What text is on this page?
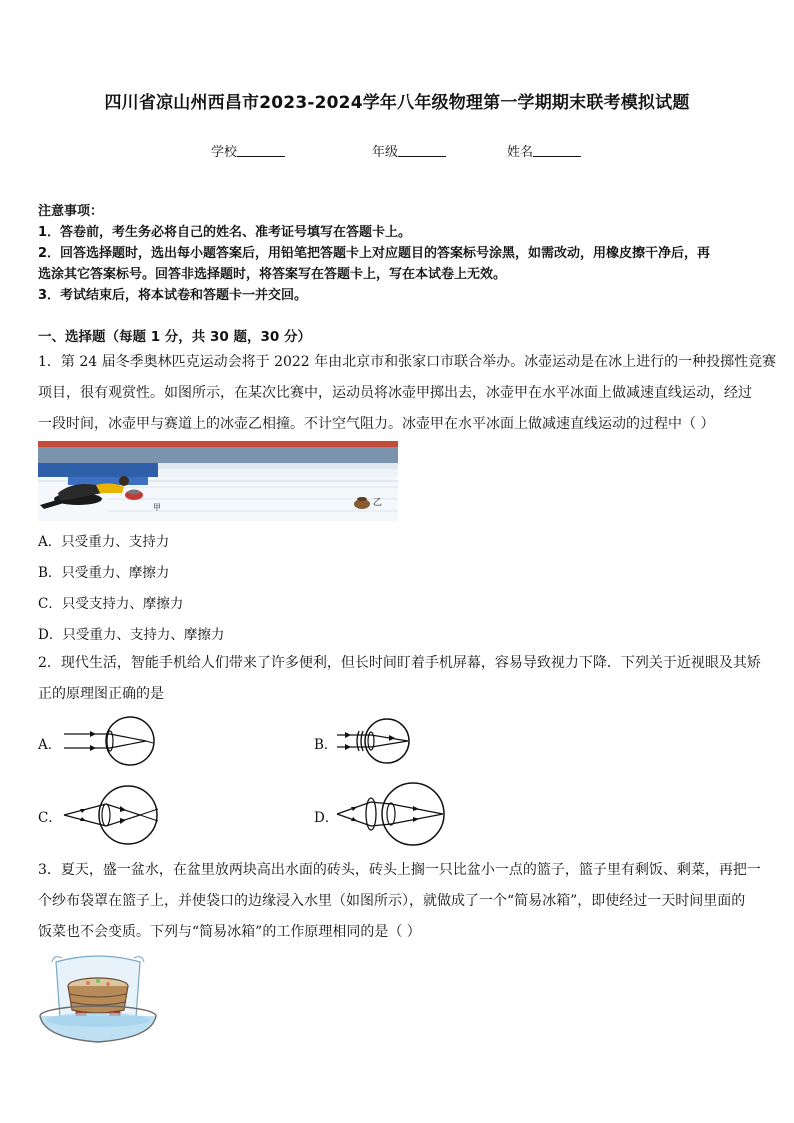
四川省凉山州西昌市2023-2024学年八年级物理第一学期期末联考模拟试题
学校	年级	姓名
注意事项：
1．答卷前，考生务必将自己的姓名、准考证号填写在答题卡上。
2．回答选择题时，选出每小题答案后，用铅笔把答题卡上对应题目的答案标号涂黑，如需改动，用橡皮擦干净后，再
选涂其它答案标号。回答非选择题时，将答案写在答题卡上，写在本试卷上无效。
3．考试结束后，将本试卷和答题卡一并交回。
一、选择题（每题 1 分，共 30 题，30 分）
1．第 24 届冬季奥林匹克运动会将于 2022 年由北京市和张家口市联合举办。冰壶运动是在冰上进行的一种投掷性竞赛
项目，很有观赏性。如图所示，在某次比赛中，运动员将冰壶甲掷出去，冰壶甲在水平冰面上做减速直线运动，经过
一段时间，冰壶甲与赛道上的冰壶乙相撞。不计空气阻力。冰壶甲在水平冰面上做减速直线运动的过程中（ ）
甲	乙
A．只受重力、支持力
B．只受重力、摩擦力
C．只受支持力、摩擦力
D．只受重力、支持力、摩擦力
2．现代生活，智能手机给人们带来了许多便利，但长时间盯着手机屏幕，容易导致视力下降．下列关于近视眼及其矫
正的原理图正确的是
A．	B．
C．	D．
3．夏天，盛一盆水，在盆里放两块高出水面的砖头，砖头上搁一只比盆小一点的篮子，篮子里有剩饭、剩菜，再把一
个纱布袋罩在篮子上，并使袋口的边缘浸入水里（如图所示），就做成了一个“简易冰箱”，即使经过一天时间里面的
饭菜也不会变质。下列与“简易冰箱”的工作原理相同的是（ ）
